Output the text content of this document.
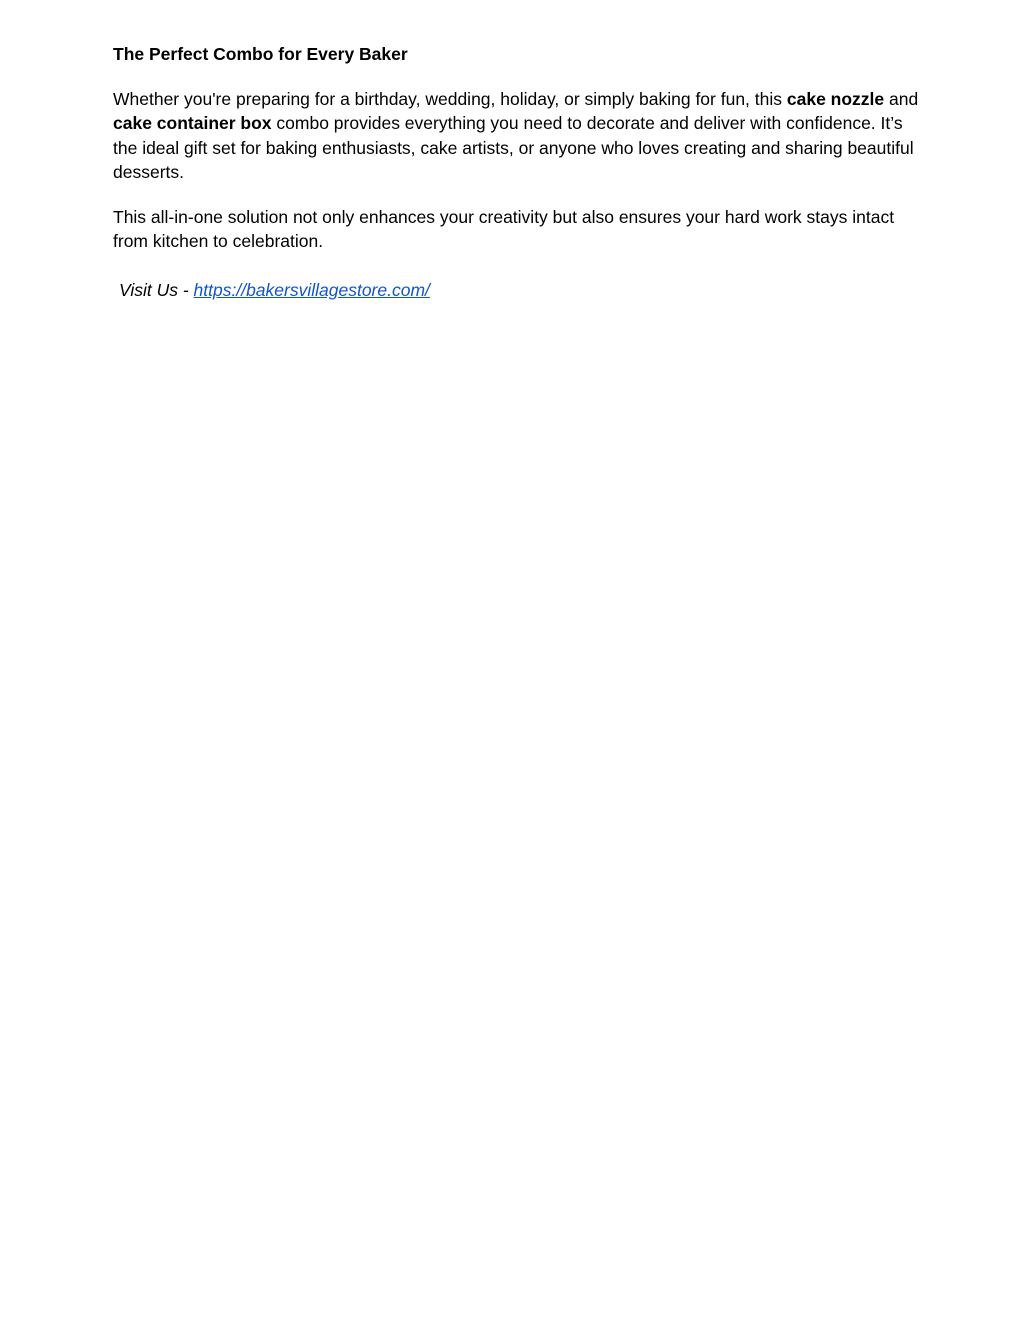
The Perfect Combo for Every Baker

Whether you're preparing for a birthday, wedding, holiday, or simply baking for fun, this cake nozzle and cake container box combo provides everything you need to decorate and deliver with confidence. It’s the ideal gift set for baking enthusiasts, cake artists, or anyone who loves creating and sharing beautiful desserts.

This all-in-one solution not only enhances your creativity but also ensures your hard work stays intact from kitchen to celebration.

Visit Us - https://bakersvillagestore.com/
